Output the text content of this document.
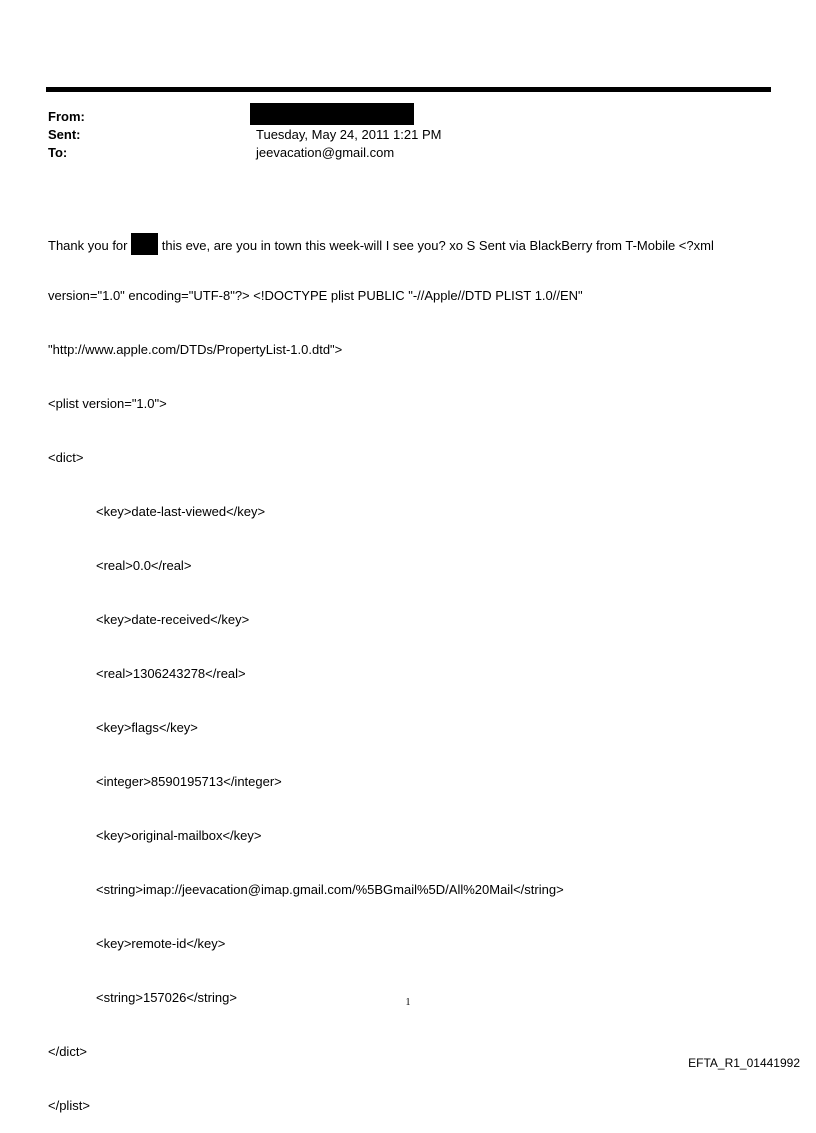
From:
Sent:	Tuesday, May 24, 2011 1:21 PM
To:	jeevacation@gmail.com

Thank you for  this eve, are you in town this week-will I see you? xo S Sent via BlackBerry from T-Mobile <?xml

version="1.0" encoding="UTF-8"?> <!DOCTYPE plist PUBLIC "-//Apple//DTD PLIST 1.0//EN"

"http://www.apple.com/DTDs/PropertyList-1.0.dtd">

<plist version="1.0">

<dict>

<key>date-last-viewed</key>

<real>0.0</real>

<key>date-received</key>

<real>1306243278</real>

<key>flags</key>

<integer>8590195713</integer>

<key>original-mailbox</key>

<string>imap://jeevacation@imap.gmail.com/%5BGmail%5D/All%20Mail</string>

<key>remote-id</key>

<string>157026</string>

</dict>

</plist>

1
EFTA_R1_01441992
